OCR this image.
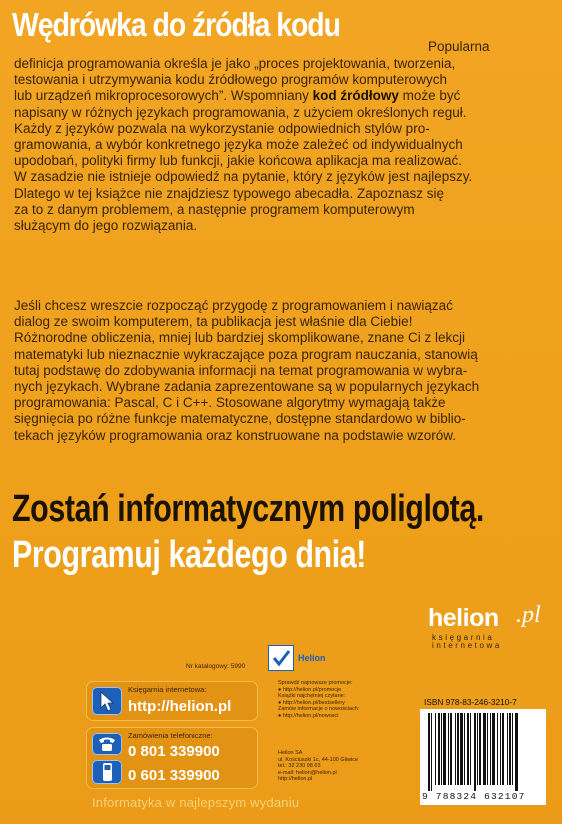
Wędrówka do źródła kodu
Popularna
definicja programowania określa je jako „proces projektowania, tworzenia,
testowania i utrzymywania kodu źródłowego programów komputerowych
lub urządzeń mikroprocesorowych”. Wspomniany kod źródłowy może być
napisany w różnych językach programowania, z użyciem określonych reguł.
Każdy z języków pozwala na wykorzystanie odpowiednich stylów pro-
gramowania, a wybór konkretnego języka może zależeć od indywidualnych
upodobań, polityki firmy lub funkcji, jakie końcowa aplikacja ma realizować.
W zasadzie nie istnieje odpowiedź na pytanie, który z języków jest najlepszy.
Dlatego w tej książce nie znajdziesz typowego abecadła. Zapoznasz się
za to z danym problemem, a następnie programem komputerowym
służącym do jego rozwiązania.
Jeśli chcesz wreszcie rozpocząć przygodę z programowaniem i nawiązać
dialog ze swoim komputerem, ta publikacja jest właśnie dla Ciebie!
Różnorodne obliczenia, mniej lub bardziej skomplikowane, znane Ci z lekcji
matematyki lub nieznacznie wykraczające poza program nauczania, stanowią
tutaj podstawę do zdobywania informacji na temat programowania w wybra-
nych językach. Wybrane zadania zaprezentowane są w popularnych językach
programowania: Pascal, C i C++. Stosowane algorytmy wymagają także
sięgnięcia po różne funkcje matematyczne, dostępne standardowo w biblio-
tekach języków programowania oraz konstruowane na podstawie wzorów.
Zostań informatycznym poliglotą.
Programuj każdego dnia!
helion .pl
księgarnia
internetowa
Nr katalogowy: 5990
Księgarnia internetowa:
http://helion.pl
Zamówienia telefoniczne:
0 801 339900
0 601 339900
Informatyka w najlepszym wydaniu
Helion
Sprawdź najnowsze promocje:
● http://helion.pl/promocje
Książki najchętniej czytane:
● http://helion.pl/bestsellery
Zamów informacje o nowościach:
● http://helion.pl/nowosci
Helion SA
ul. Kościuszki 1c, 44-100 Gliwice
tel.: 32 230 98 63
e-mail: helion@helion.pl
http://helion.pl
ISBN 978-83-246-3210-7
9 788324 632107
